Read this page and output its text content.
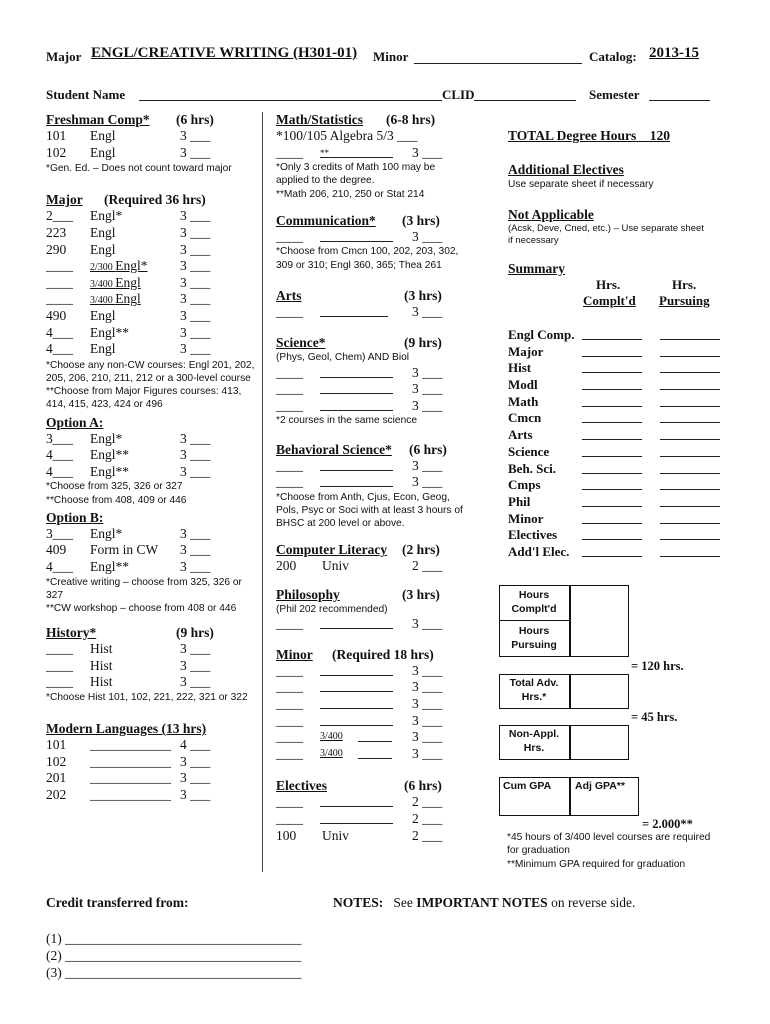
Major ENGL/CREATIVE WRITING (H301-01) Minor	Catalog: 2013-15
Student Name	CLID	Semester
Freshman Comp* (6 hrs)
101 Engl	3 ___
102 Engl	3 ___
*Gen. Ed. – Does not count toward major
Major (Required 36 hrs)
2___ Engl*	3 ___
223 Engl	3 ___
290 Engl	3 ___
____ 2/300 Engl* 3 ___
____ 3/400 Engl	3 ___
____ 3/400 Engl	3 ___
490 Engl	3 ___
4___ Engl**	3 ___
4___ Engl	3 ___
*Choose any non-CW courses: Engl 201, 202, 205, 206, 210, 211, 212 or a 300-level course
**Choose from Major Figures courses: 413, 414, 415, 423, 424 or 496
Option A:
3___ Engl*	3 ___
4___ Engl**	3 ___
4___ Engl**	3 ___
*Choose from 325, 326 or 327
**Choose from 408, 409 or 446
Option B:
3___ Engl*	3 ___
409 Form in CW 3 ___
4___ Engl**	3 ___
*Creative writing – choose from 325, 326 or 327
**CW workshop – choose from 408 or 446
History*	(9 hrs)
____ Hist	3 ___
____ Hist	3 ___
____ Hist	3 ___
*Choose Hist 101, 102, 221, 222, 321 or 322
Modern Languages (13 hrs)
101 ____________ 4 ___
102 ____________ 3 ___
201 ____________ 3 ___
202 ____________ 3 ___
Math/Statistics (6-8 hrs)
*100/105 Algebra 5/3 ___
____ **	3 ___
*Only 3 credits of Math 100 may be applied to the degree.
**Math 206, 210, 250 or Stat 214
Communication* (3 hrs)
____	3 ___
*Choose from Cmcn 100, 202, 203, 302, 309 or 310; Engl 360, 365; Thea 261
Arts	(3 hrs)
____	3 ___
Science*	(9 hrs)
(Phys, Geol, Chem) AND Biol
____	3 ___
____	3 ___
____	3 ___
*2 courses in the same science
Behavioral Science* (6 hrs)
____	3 ___
____	3 ___
*Choose from Anth, Cjus, Econ, Geog, Pols, Psyc or Soci with at least 3 hours of BHSC at 200 level or above.
Computer Literacy (2 hrs)
200 Univ	2 ___
Philosophy	(3 hrs)
(Phil 202 recommended)
____	3 ___
Minor (Required 18 hrs)
____	3 ___
____	3 ___
____	3 ___
____	3 ___
____ 3/400	3 ___
____ 3/400	3 ___
Electives	(6 hrs)
____	2 ___
____	2 ___
100 Univ	2 ___
TOTAL Degree Hours 120
Additional Electives
Use separate sheet if necessary
Not Applicable
(Acsk, Deve, Cned, etc.) – Use separate sheet if necessary
Summary
Hrs.
Complt'd
Hrs.
Pursuing
Engl Comp.
Major
Hist
Modl
Math
Cmcn
Arts
Science
Beh. Sci.
Cmps
Phil
Minor
Electives
Add'l Elec.
Hours Complt'd
Hours Pursuing
= 120 hrs.
Total Adv. Hrs.*
= 45 hrs.
Non-Appl. Hrs.
Cum GPA	Adj GPA**
= 2.000**
*45 hours of 3/400 level courses are required for graduation
**Minimum GPA required for graduation
Credit transferred from:	NOTES: See IMPORTANT NOTES on reverse side.
(1) ___________________________________
(2) ___________________________________
(3) ___________________________________
